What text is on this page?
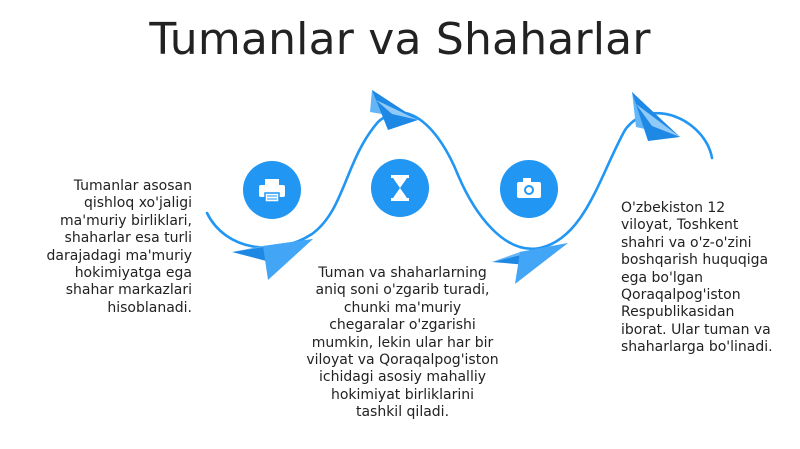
Tumanlar va Shaharlar
Tumanlar asosan
qishloq xo'jaligi
ma'muriy birliklari,
shaharlar esa turli
darajadagi ma'muriy
hokimiyatga ega
shahar markazlari
hisoblanadi.
Tuman va shaharlarning
aniq soni o'zgarib turadi,
chunki ma'muriy
chegaralar o'zgarishi
mumkin, lekin ular har bir
viloyat va Qoraqalpog'iston
ichidagi asosiy mahalliy
hokimiyat birliklarini
tashkil qiladi.
O'zbekiston 12
viloyat, Toshkent
shahri va o'z-o'zini
boshqarish huquqiga
ega bo'lgan
Qoraqalpog'iston
Respublikasidan
iborat. Ular tuman va
shaharlarga bo'linadi.
